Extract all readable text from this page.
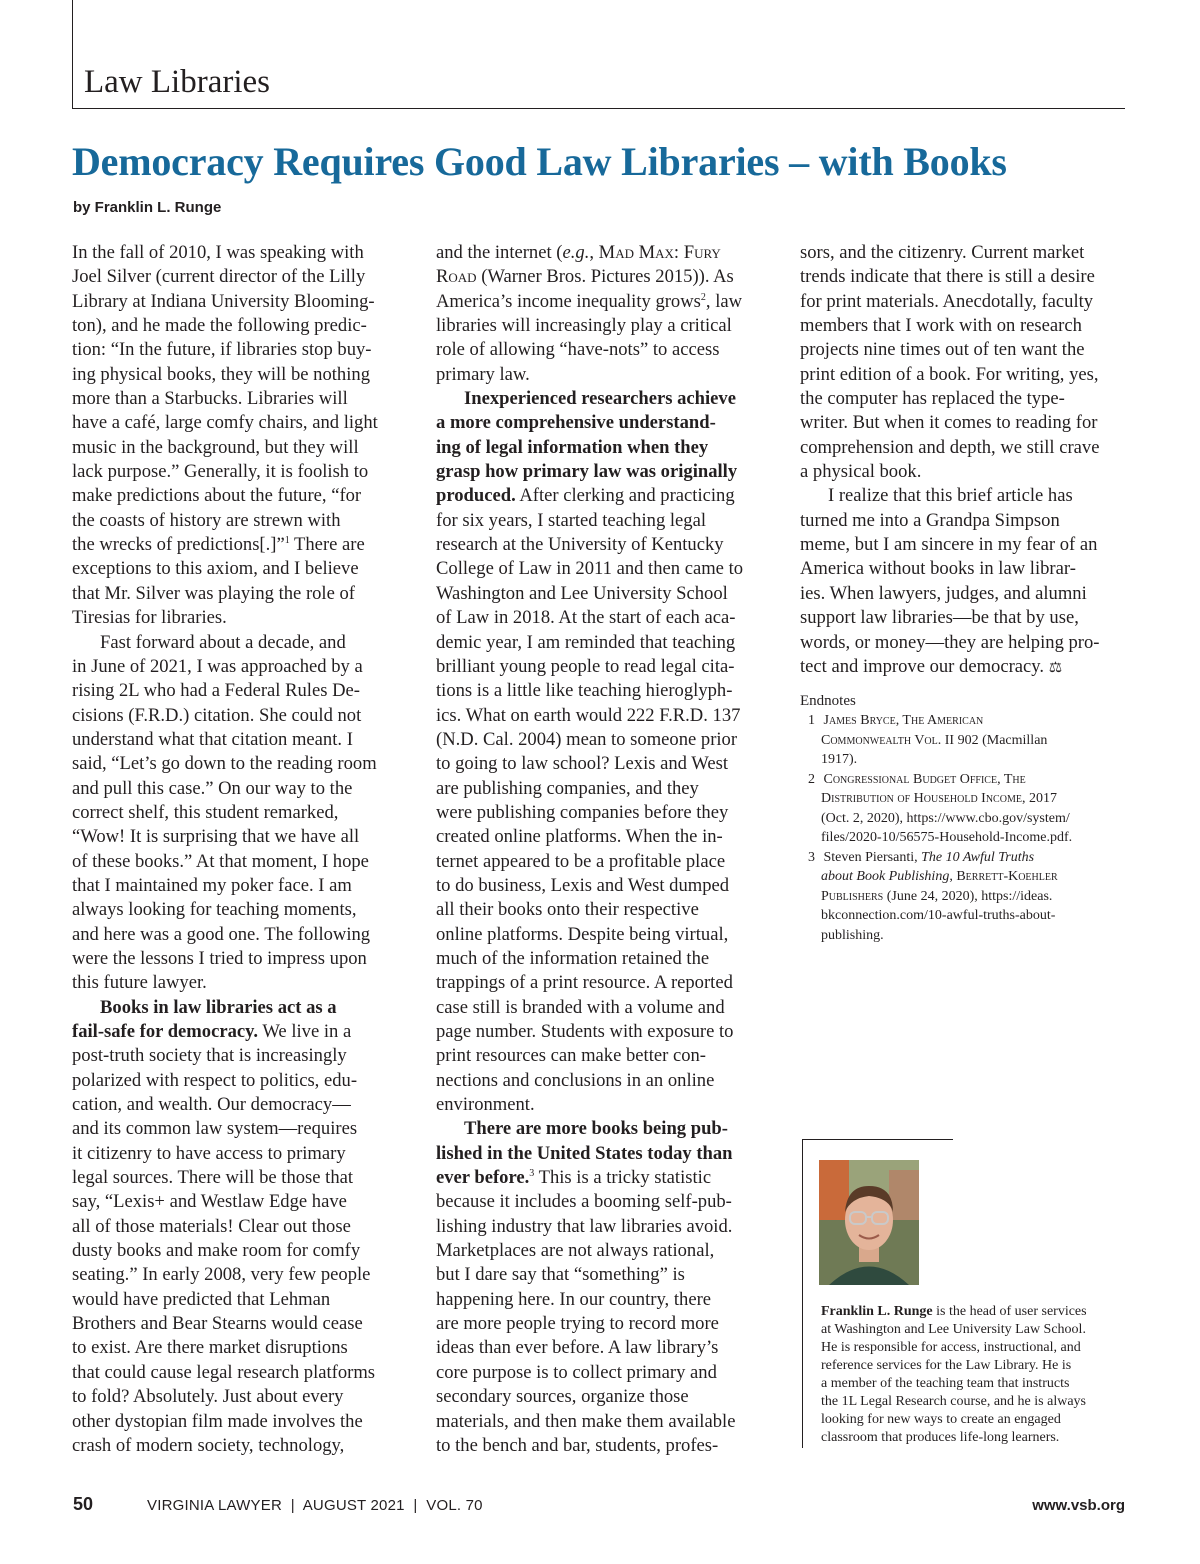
Law Libraries
Democracy Requires Good Law Libraries – with Books

by Franklin L. Runge

In the fall of 2010, I was speaking with

Joel Silver (current director of the Lilly

Library at Indiana University Blooming-

ton), and he made the following predic-

tion: “In the future, if libraries stop buy-

ing physical books, they will be nothing

more than a Starbucks. Libraries will

have a café, large comfy chairs, and light

music in the background, but they will

lack purpose.” Generally, it is foolish to

make predictions about the future, “for

the coasts of history are strewn with

the wrecks of predictions[.]”$^1$ There are

exceptions to this axiom, and I believe

that Mr. Silver was playing the role of

Tiresias for libraries.

Fast forward about a decade, and

in June of 2021, I was approached by a

rising 2L who had a Federal Rules De-

cisions (F.R.D.) citation. She could not

understand what that citation meant. I

said, “Let’s go down to the reading room

and pull this case.” On our way to the

correct shelf, this student remarked,

“Wow! It is surprising that we have all

of these books.” At that moment, I hope

that I maintained my poker face. I am

always looking for teaching moments,

and here was a good one. The following

were the lessons I tried to impress upon

this future lawyer.

Books in law libraries act as a

fail-safe for democracy. We live in a

post-truth society that is increasingly

polarized with respect to politics, edu-

cation, and wealth. Our democracy—

and its common law system—requires

it citizenry to have access to primary

legal sources. There will be those that

say, “Lexis+ and Westlaw Edge have

all of those materials! Clear out those

dusty books and make room for comfy

seating.” In early 2008, very few people

would have predicted that Lehman

Brothers and Bear Stearns would cease

to exist. Are there market disruptions

that could cause legal research platforms

to fold? Absolutely. Just about every

other dystopian film made involves the

crash of modern society, technology,

and the internet (e.g., Mad Max: Fury

Road (Warner Bros. Pictures 2015)). As

America’s income inequality grows$^2$, law

libraries will increasingly play a critical

role of allowing “have-nots” to access

primary law.

Inexperienced researchers achieve

a more comprehensive understand-

ing of legal information when they

grasp how primary law was originally

produced. After clerking and practicing

for six years, I started teaching legal

research at the University of Kentucky

College of Law in 2011 and then came to

Washington and Lee University School

of Law in 2018. At the start of each aca-

demic year, I am reminded that teaching

brilliant young people to read legal cita-

tions is a little like teaching hieroglyph-

ics. What on earth would 222 F.R.D. 137

(N.D. Cal. 2004) mean to someone prior

to going to law school? Lexis and West

are publishing companies, and they

were publishing companies before they

created online platforms. When the in-

ternet appeared to be a profitable place

to do business, Lexis and West dumped

all their books onto their respective

online platforms. Despite being virtual,

much of the information retained the

trappings of a print resource. A reported

case still is branded with a volume and

page number. Students with exposure to

print resources can make better con-

nections and conclusions in an online

environment.

There are more books being pub-

lished in the United States today than

ever before.$^3$ This is a tricky statistic

because it includes a booming self-pub-

lishing industry that law libraries avoid.

Marketplaces are not always rational,

but I dare say that “something” is

happening here. In our country, there

are more people trying to record more

ideas than ever before. A law library’s

core purpose is to collect primary and

secondary sources, organize those

materials, and then make them available

to the bench and bar, students, profes-

sors, and the citizenry. Current market

trends indicate that there is still a desire

for print materials. Anecdotally, faculty

members that I work with on research

projects nine times out of ten want the

print edition of a book. For writing, yes,

the computer has replaced the type-

writer. But when it comes to reading for

comprehension and depth, we still crave

a physical book.

I realize that this brief article has

turned me into a Grandpa Simpson

meme, but I am sincere in my fear of an

America without books in law librar-

ies. When lawyers, judges, and alumni

support law libraries—be that by use,

words, or money—they are helping pro-

tect and improve our democracy. ⚖

Endnotes

1 James Bryce, The American

Commonwealth Vol. II 902 (Macmillan

1917).

2 Congressional Budget Office, The

Distribution of Household Income, 2017

(Oct. 2, 2020), https://www.cbo.gov/system/

files/2020-10/56575-Household-Income.pdf.

3 Steven Piersanti, The 10 Awful Truths

about Book Publishing, Berrett-Koehler

Publishers (June 24, 2020), https://ideas.

bkconnection.com/10-awful-truths-about-

publishing.

Franklin L. Runge is the head of user services

at Washington and Lee University Law School.

He is responsible for access, instructional, and

reference services for the Law Library. He is

a member of the teaching team that instructs

the 1L Legal Research course, and he is always

looking for new ways to create an engaged

classroom that produces life-long learners.

50	VIRGINIA LAWYER  |  AUGUST 2021  |  VOL. 70	www.vsb.org
